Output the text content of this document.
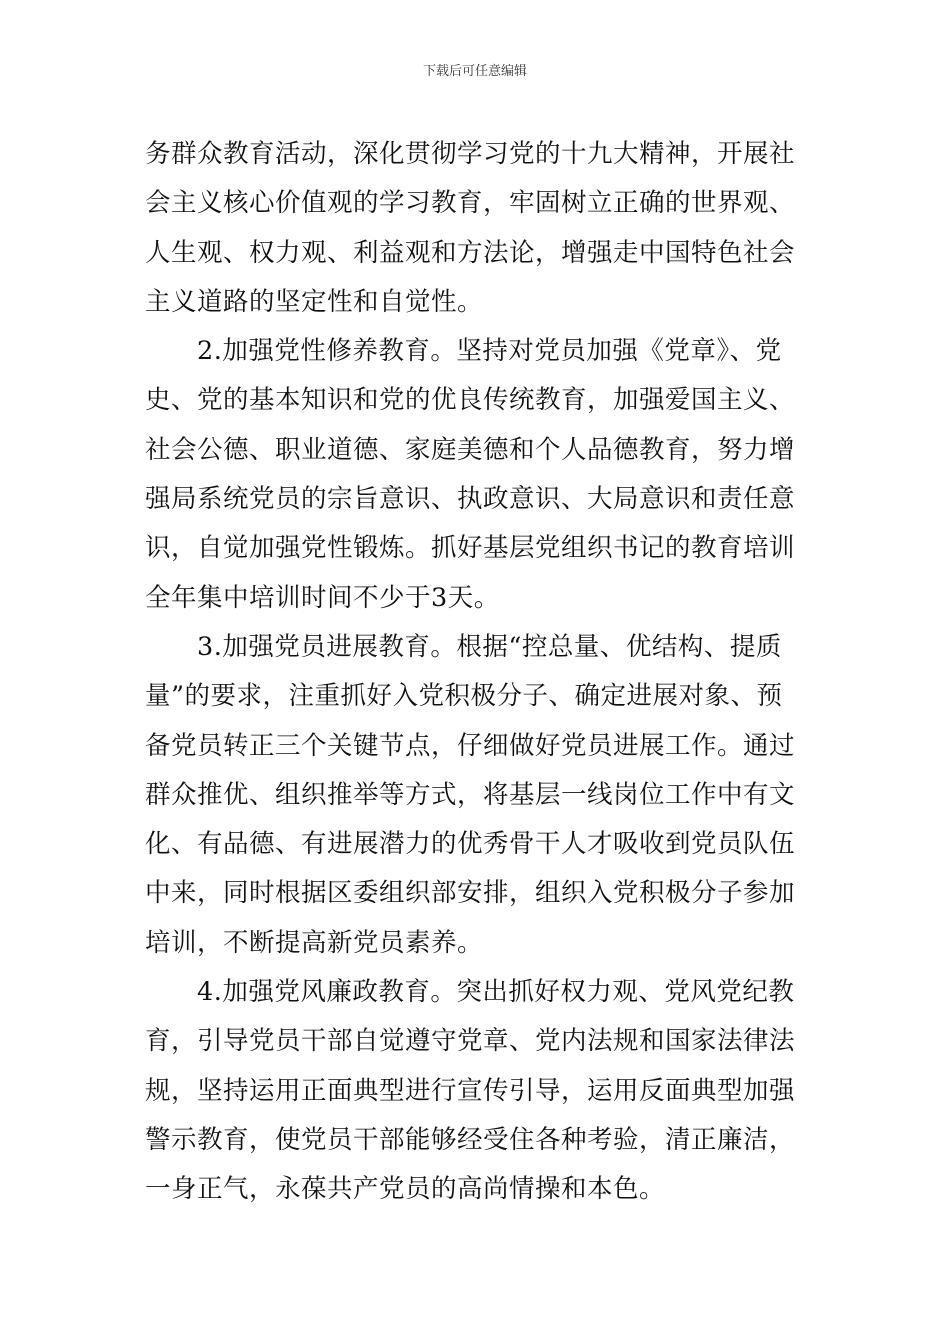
下载后可任意编辑
务群众教育活动，深化贯彻学习党的十九大精神，开展社
会主义核心价值观的学习教育，牢固树立正确的世界观、
人生观、权力观、利益观和方法论，增强走中国特色社会
主义道路的坚定性和自觉性。
2.加强党性修养教育。坚持对党员加强《党章》、党
史、党的基本知识和党的优良传统教育，加强爱国主义、
社会公德、职业道德、家庭美德和个人品德教育，努力增
强局系统党员的宗旨意识、执政意识、大局意识和责任意
识，自觉加强党性锻炼。抓好基层党组织书记的教育培训
全年集中培训时间不少于3天。
3.加强党员进展教育。根据“控总量、优结构、提质
量”的要求，注重抓好入党积极分子、确定进展对象、预
备党员转正三个关键节点，仔细做好党员进展工作。通过
群众推优、组织推举等方式，将基层一线岗位工作中有文
化、有品德、有进展潜力的优秀骨干人才吸收到党员队伍
中来，同时根据区委组织部安排，组织入党积极分子参加
培训，不断提高新党员素养。
4.加强党风廉政教育。突出抓好权力观、党风党纪教
育，引导党员干部自觉遵守党章、党内法规和国家法律法
规，坚持运用正面典型进行宣传引导，运用反面典型加强
警示教育，使党员干部能够经受住各种考验，清正廉洁，
一身正气，永葆共产党员的高尚情操和本色。
